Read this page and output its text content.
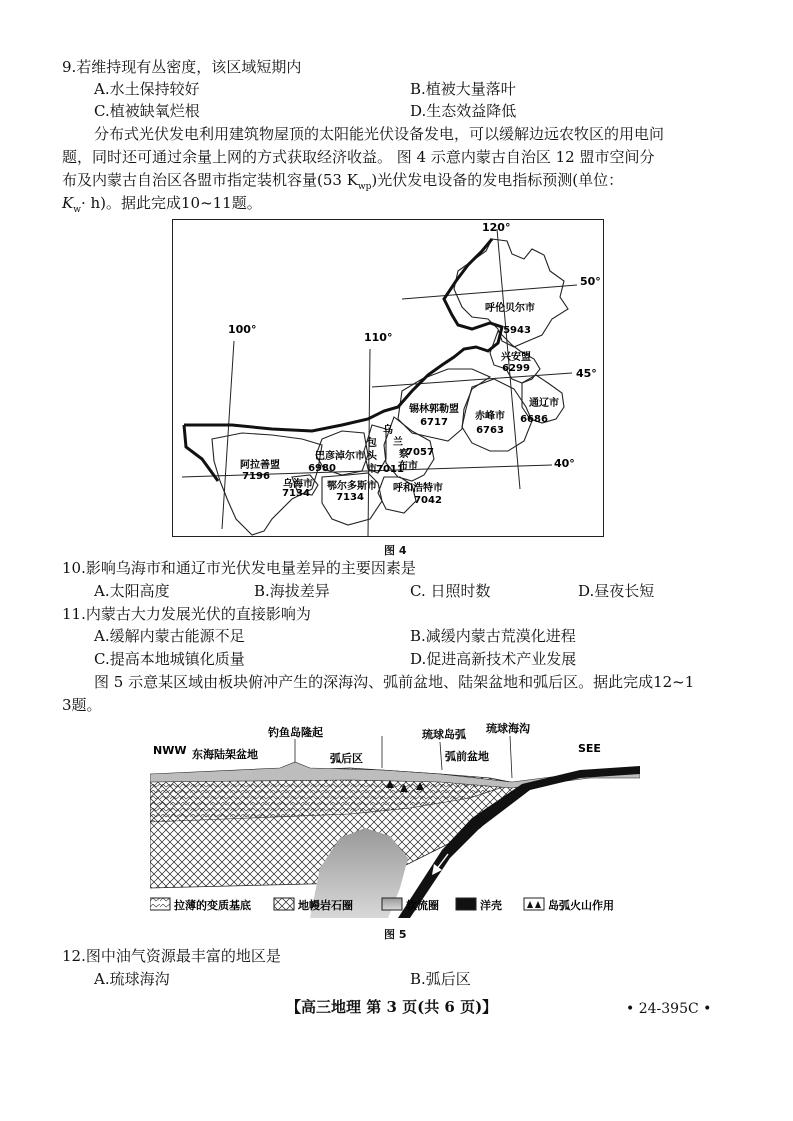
9.若维持现有丛密度，该区域短期内
A.水土保持较好	B.植被大量落叶
C.植被缺氧烂根	D.生态效益降低
分布式光伏发电利用建筑物屋顶的太阳能光伏设备发电，可以缓解边远农牧区的用电问
题，同时还可通过余量上网的方式获取经济收益。 图 4 示意内蒙古自治区 12 盟市空间分
布及内蒙古自治区各盟市指定装机容量(53 $K_{wp}$)光伏发电设备的发电指标预测(单位：
$K_w\cdot h$)。据此完成10~11题。
120°
110°
100°
50°
45°
40°
呼伦贝尔市
5943
兴安盟
6299
通辽市
6686
赤峰市
6763
锡林郭勒盟
6717
呼和浩特市
7042
巴彦淖尔市
6980
鄂尔多斯市
7134
乌海市
7134
阿拉善盟
7196
乌
兰
察
布市
7057
包
头
市 7011
图 4
10.影响乌海市和通辽市光伏发电量差异的主要因素是
A.太阳高度	B.海拔差异	C. 日照时数	D.昼夜长短
11.内蒙古大力发展光伏的直接影响为
A.缓解内蒙古能源不足	B.减缓内蒙古荒漠化进程
C.提高本地城镇化质量	D.促进高新技术产业发展
图 5 示意某区域由板块俯冲产生的深海沟、弧前盆地、陆架盆地和弧后区。据此完成12~1
3题。
NWW	SEE
东海陆架盆地
钓鱼岛隆起
弧后区
琉球岛弧
弧前盆地
琉球海沟
拉薄的变质基底	地幔岩石圈	软流圈	洋壳	岛弧火山作用
图 5
12.图中油气资源最丰富的地区是
A.琉球海沟	B.弧后区
【高三地理 第 3 页(共 6 页)】	• 24-395C •
